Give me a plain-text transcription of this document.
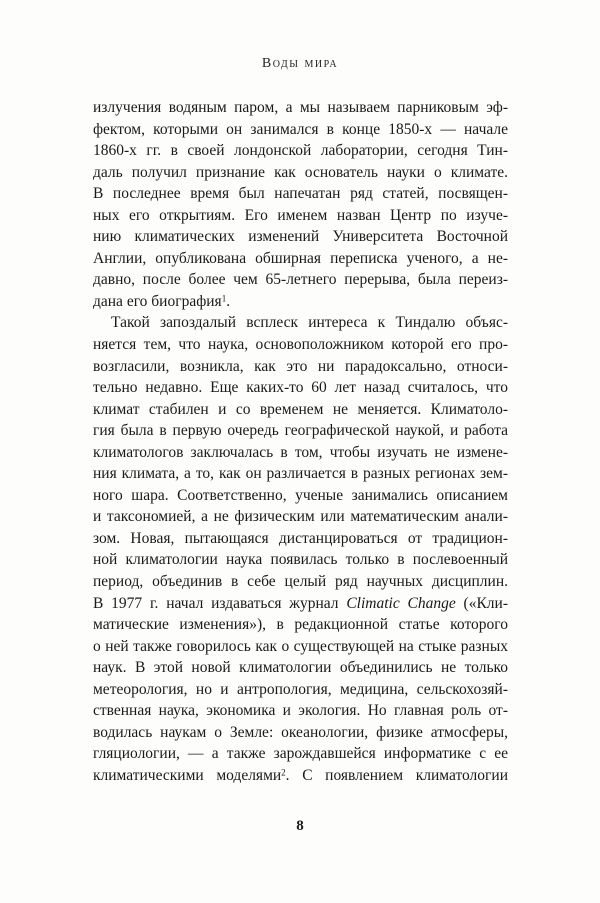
Воды мира
излучения водяным паром, а мы называем парниковым эф-
фектом, которыми он занимался в конце 1850-х — начале
1860-х гг. в своей лондонской лаборатории, сегодня Тин-
даль получил признание как основатель науки о климате.
В последнее время был напечатан ряд статей, посвящен-
ных его открытиям. Его именем назван Центр по изуче-
нию климатических изменений Университета Восточной
Англии, опубликована обширная переписка ученого, а не-
давно, после более чем 65-летнего перерыва, была переиз-
дана его биография$^1$.
Такой запоздалый всплеск интереса к Тиндалю объяс-
няется тем, что наука, основоположником которой его про-
возгласили, возникла, как это ни парадоксально, относи-
тельно недавно. Еще каких-то 60 лет назад считалось, что
климат стабилен и со временем не меняется. Климатоло-
гия была в первую очередь географической наукой, и работа
климатологов заключалась в том, чтобы изучать не измене-
ния климата, а то, как он различается в разных регионах зем-
ного шара. Соответственно, ученые занимались описанием
и таксономией, а не физическим или математическим анали-
зом. Новая, пытающаяся дистанцироваться от традицион-
ной климатологии наука появилась только в послевоенный
период, объединив в себе целый ряд научных дисциплин.
В 1977 г. начал издаваться журнал Climatic Change («Кли-
матические изменения»), в редакционной статье которого
о ней также говорилось как о существующей на стыке разных
наук. В этой новой климатологии объединились не только
метеорология, но и антропология, медицина, сельскохозяй-
ственная наука, экономика и экология. Но главная роль от-
водилась наукам о Земле: океанологии, физике атмосферы,
гляциологии, — а также зарождавшейся информатике с ее
климатическими моделями$^2$. С появлением климатологии
8
